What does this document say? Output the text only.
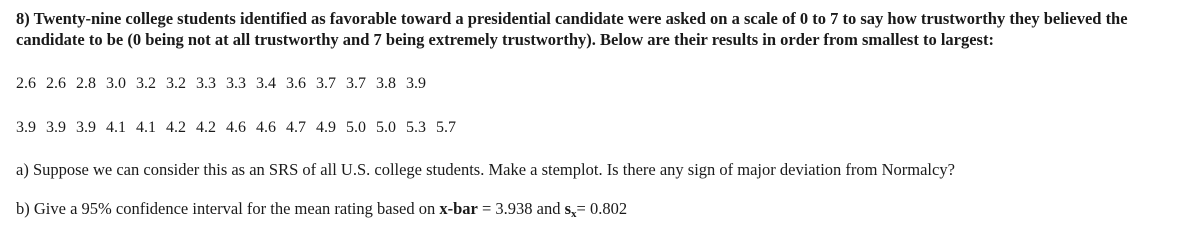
8) Twenty-nine college students identified as favorable toward a presidential candidate were asked on a scale of 0 to 7 to say how trustworthy they believed the candidate to be (0 being not at all trustworthy and 7 being extremely trustworthy). Below are their results in order from smallest to largest:

2.6 2.6 2.8 3.0 3.2 3.2 3.3 3.3 3.4 3.6 3.7 3.7 3.8 3.9

3.9 3.9 3.9 4.1 4.1 4.2 4.2 4.6 4.6 4.7 4.9 5.0 5.0 5.3 5.7

a) Suppose we can consider this as an SRS of all U.S. college students. Make a stemplot. Is there any sign of major deviation from Normalcy?

b) Give a 95% confidence interval for the mean rating based on x-bar = 3.938 and $s_x= 0.802$
